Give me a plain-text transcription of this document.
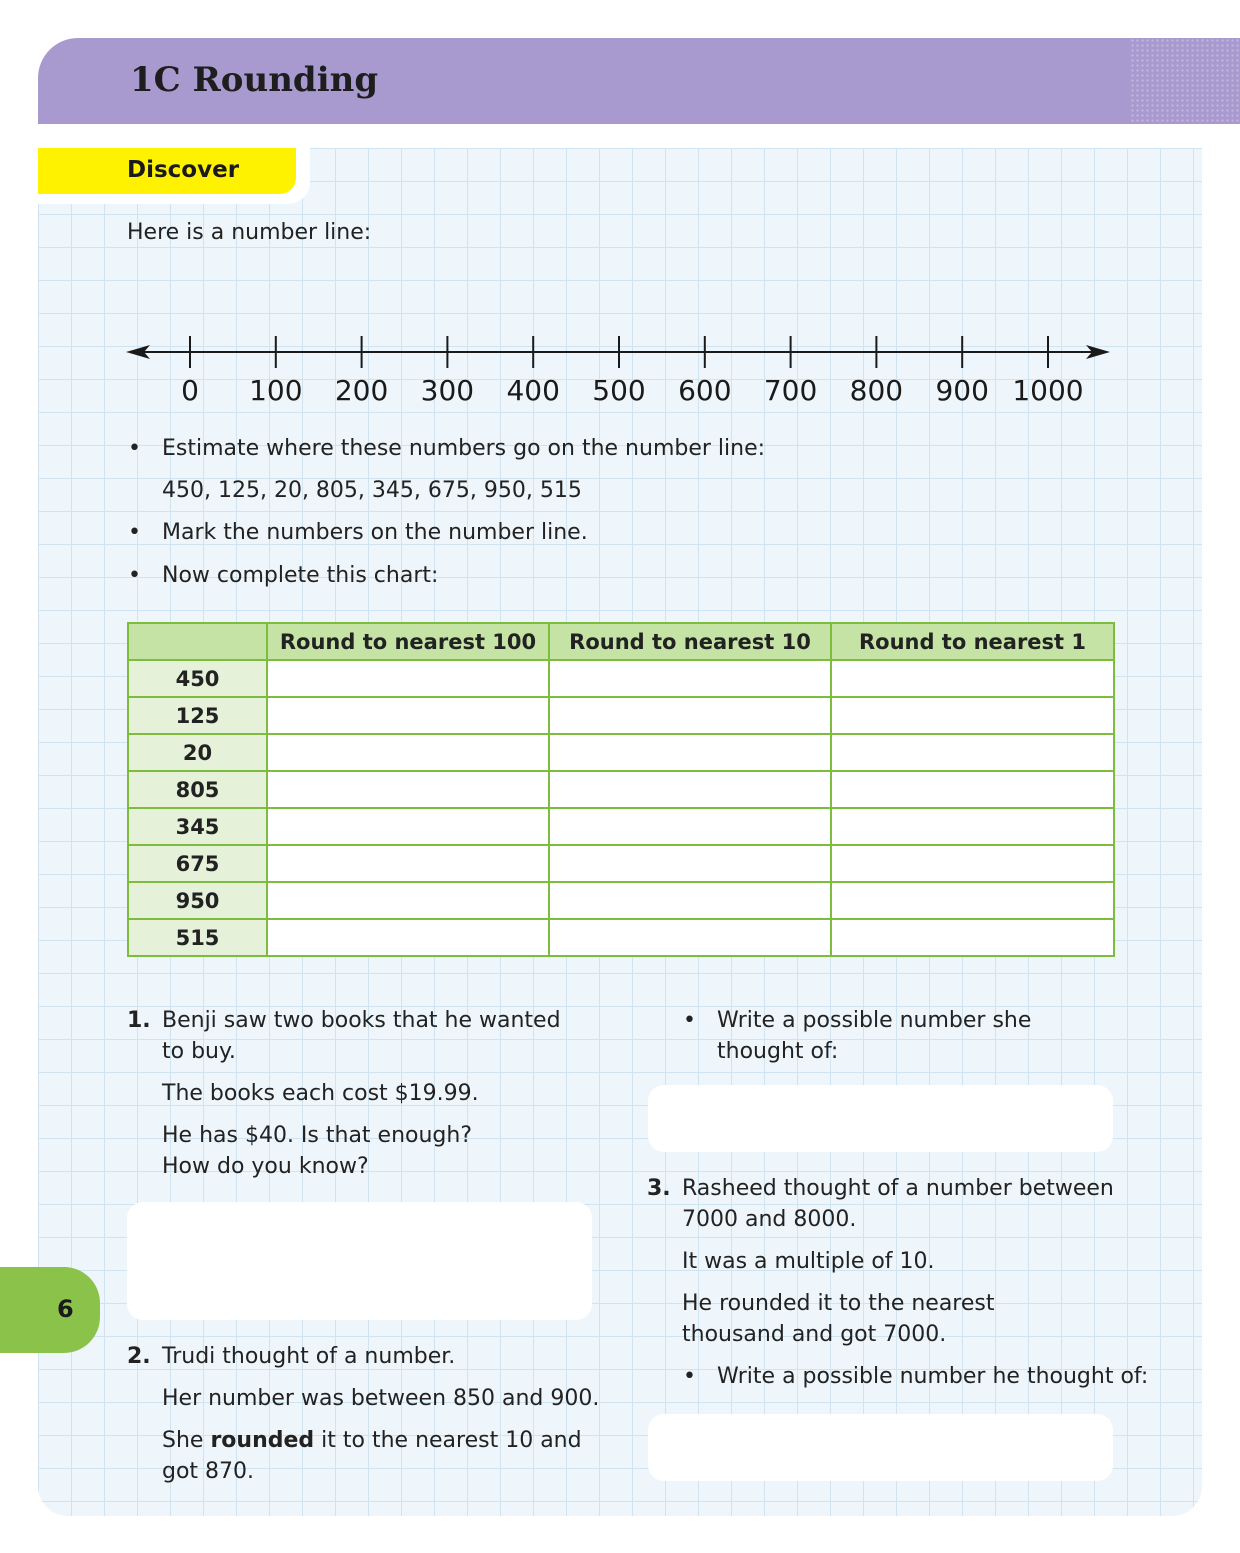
1C Rounding
Discover
Here is a number line:
0 100 200 300 400 500 600 700 800 900 1000
• Estimate where these numbers go on the number line:
450, 125, 20, 805, 345, 675, 950, 515
• Mark the numbers on the number line.
• Now complete this chart:
	Round to nearest 100	Round to nearest 10	Round to nearest 1
450			
125			
20			
805			
345			
675			
950			
515			
1. Benji saw two books that he wanted
to buy.
The books each cost $19.99.
He has $40. Is that enough?
How do you know?
2. Trudi thought of a number.
Her number was between 850 and 900.
She rounded it to the nearest 10 and
got 870.
• Write a possible number she
thought of:
3. Rasheed thought of a number between
7000 and 8000.
It was a multiple of 10.
He rounded it to the nearest
thousand and got 7000.
• Write a possible number he thought of:
6
